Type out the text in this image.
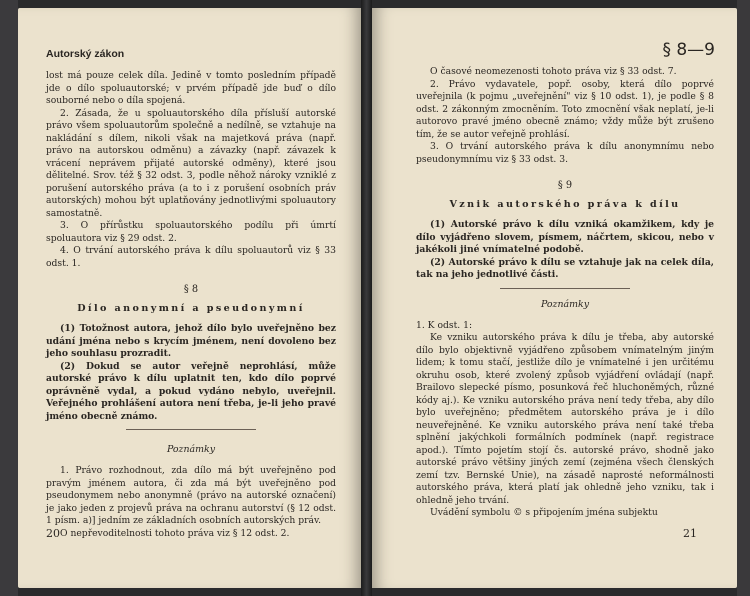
Autorský zákon

lost má pouze celek díla. Jedině v tomto posledním případě jde o dílo spoluautorské; v prvém případě jde buď o dílo souborné nebo o díla spojená.

2. Zásada, že u spoluautorského díla přísluší autorské právo všem spoluautorům společně a nedílně, se vztahuje na nakládání s dílem, nikoli však na majetková práva (např. právo na autorskou odměnu) a závazky (např. závazek k vrácení neprávem přijaté autorské odměny), které jsou dělitelné. Srov. též § 32 odst. 3, podle něhož nároky vzniklé z porušení autorského práva (a to i z porušení osobních práv autorských) mohou být uplatňovány jednotlivými spoluautory samostatně.

3. O přírůstku spoluautorského podílu při úmrtí spoluautora viz § 29 odst. 2.

4. O trvání autorského práva k dílu spoluautorů viz § 33 odst. 1.

§ 8
Dílo anonymní a pseudonymní

(1) Totožnost autora, jehož dílo bylo uveřejněno bez udání jména nebo s krycím jménem, není dovoleno bez jeho souhlasu prozradit.

(2) Dokud se autor veřejně neprohlásí, může autorské právo k dílu uplatnit ten, kdo dílo poprvé oprávněně vydal, a pokud vydáno nebylo, uveřejnil. Veřejného prohlášení autora není třeba, je-li jeho pravé jméno obecně známo.

Poznámky

1. Právo rozhodnout, zda dílo má být uveřejněno pod pravým jménem autora, či zda má být uveřejněno pod pseudonymem nebo anonymně (právo na autorské označení) je jako jeden z projevů práva na ochranu autorství (§ 12 odst. 1 písm. a)] jedním ze základních osobních autorských práv.

O nepřevoditelnosti tohoto práva viz § 12 odst. 2.

20
§ 8—9

O časové neomezenosti tohoto práva viz § 33 odst. 7.

2. Právo vydavatele, popř. osoby, která dílo poprvé uveřejnila (k pojmu „uveřejnění" viz § 10 odst. 1), je podle § 8 odst. 2 zákonným zmocněním. Toto zmocnění však neplatí, je-li autorovo pravé jméno obecně známo; vždy může být zrušeno tím, že se autor veřejně prohlásí.

3. O trvání autorského práva k dílu anonymnímu nebo pseudonymnímu viz § 33 odst. 3.

§ 9
Vznik autorského práva k dílu

(1) Autorské právo k dílu vzniká okamžikem, kdy je dílo vyjádřeno slovem, písmem, náčrtem, skicou, nebo v jakékoli jiné vnímatelné podobě.

(2) Autorské právo k dílu se vztahuje jak na celek díla, tak na jeho jednotlivé části.

Poznámky

1. K odst. 1:

Ke vzniku autorského práva k dílu je třeba, aby autorské dílo bylo objektivně vyjádřeno způsobem vnímatelným jiným lidem; k tomu stačí, jestliže dílo je vnímatelné i jen určitému okruhu osob, které zvolený způsob vyjádření ovládají (např. Brailovo slepecké písmo, posunková řeč hluchoněmých, různé kódy aj.). Ke vzniku autorského práva není tedy třeba, aby dílo bylo uveřejněno; předmětem autorského práva je i dílo neuveřejněné. Ke vzniku autorského práva není také třeba splnění jakýchkoli formálních podmínek (např. registrace apod.). Tímto pojetím stojí čs. autorské právo, shodně jako autorské právo většiny jiných zemí (zejména všech členských zemí tzv. Bernské Unie), na zásadě naprosté neformálnosti autorského práva, která platí jak ohledně jeho vzniku, tak i ohledně jeho trvání.

Uvádění symbolu © s připojením jména subjektu

21
